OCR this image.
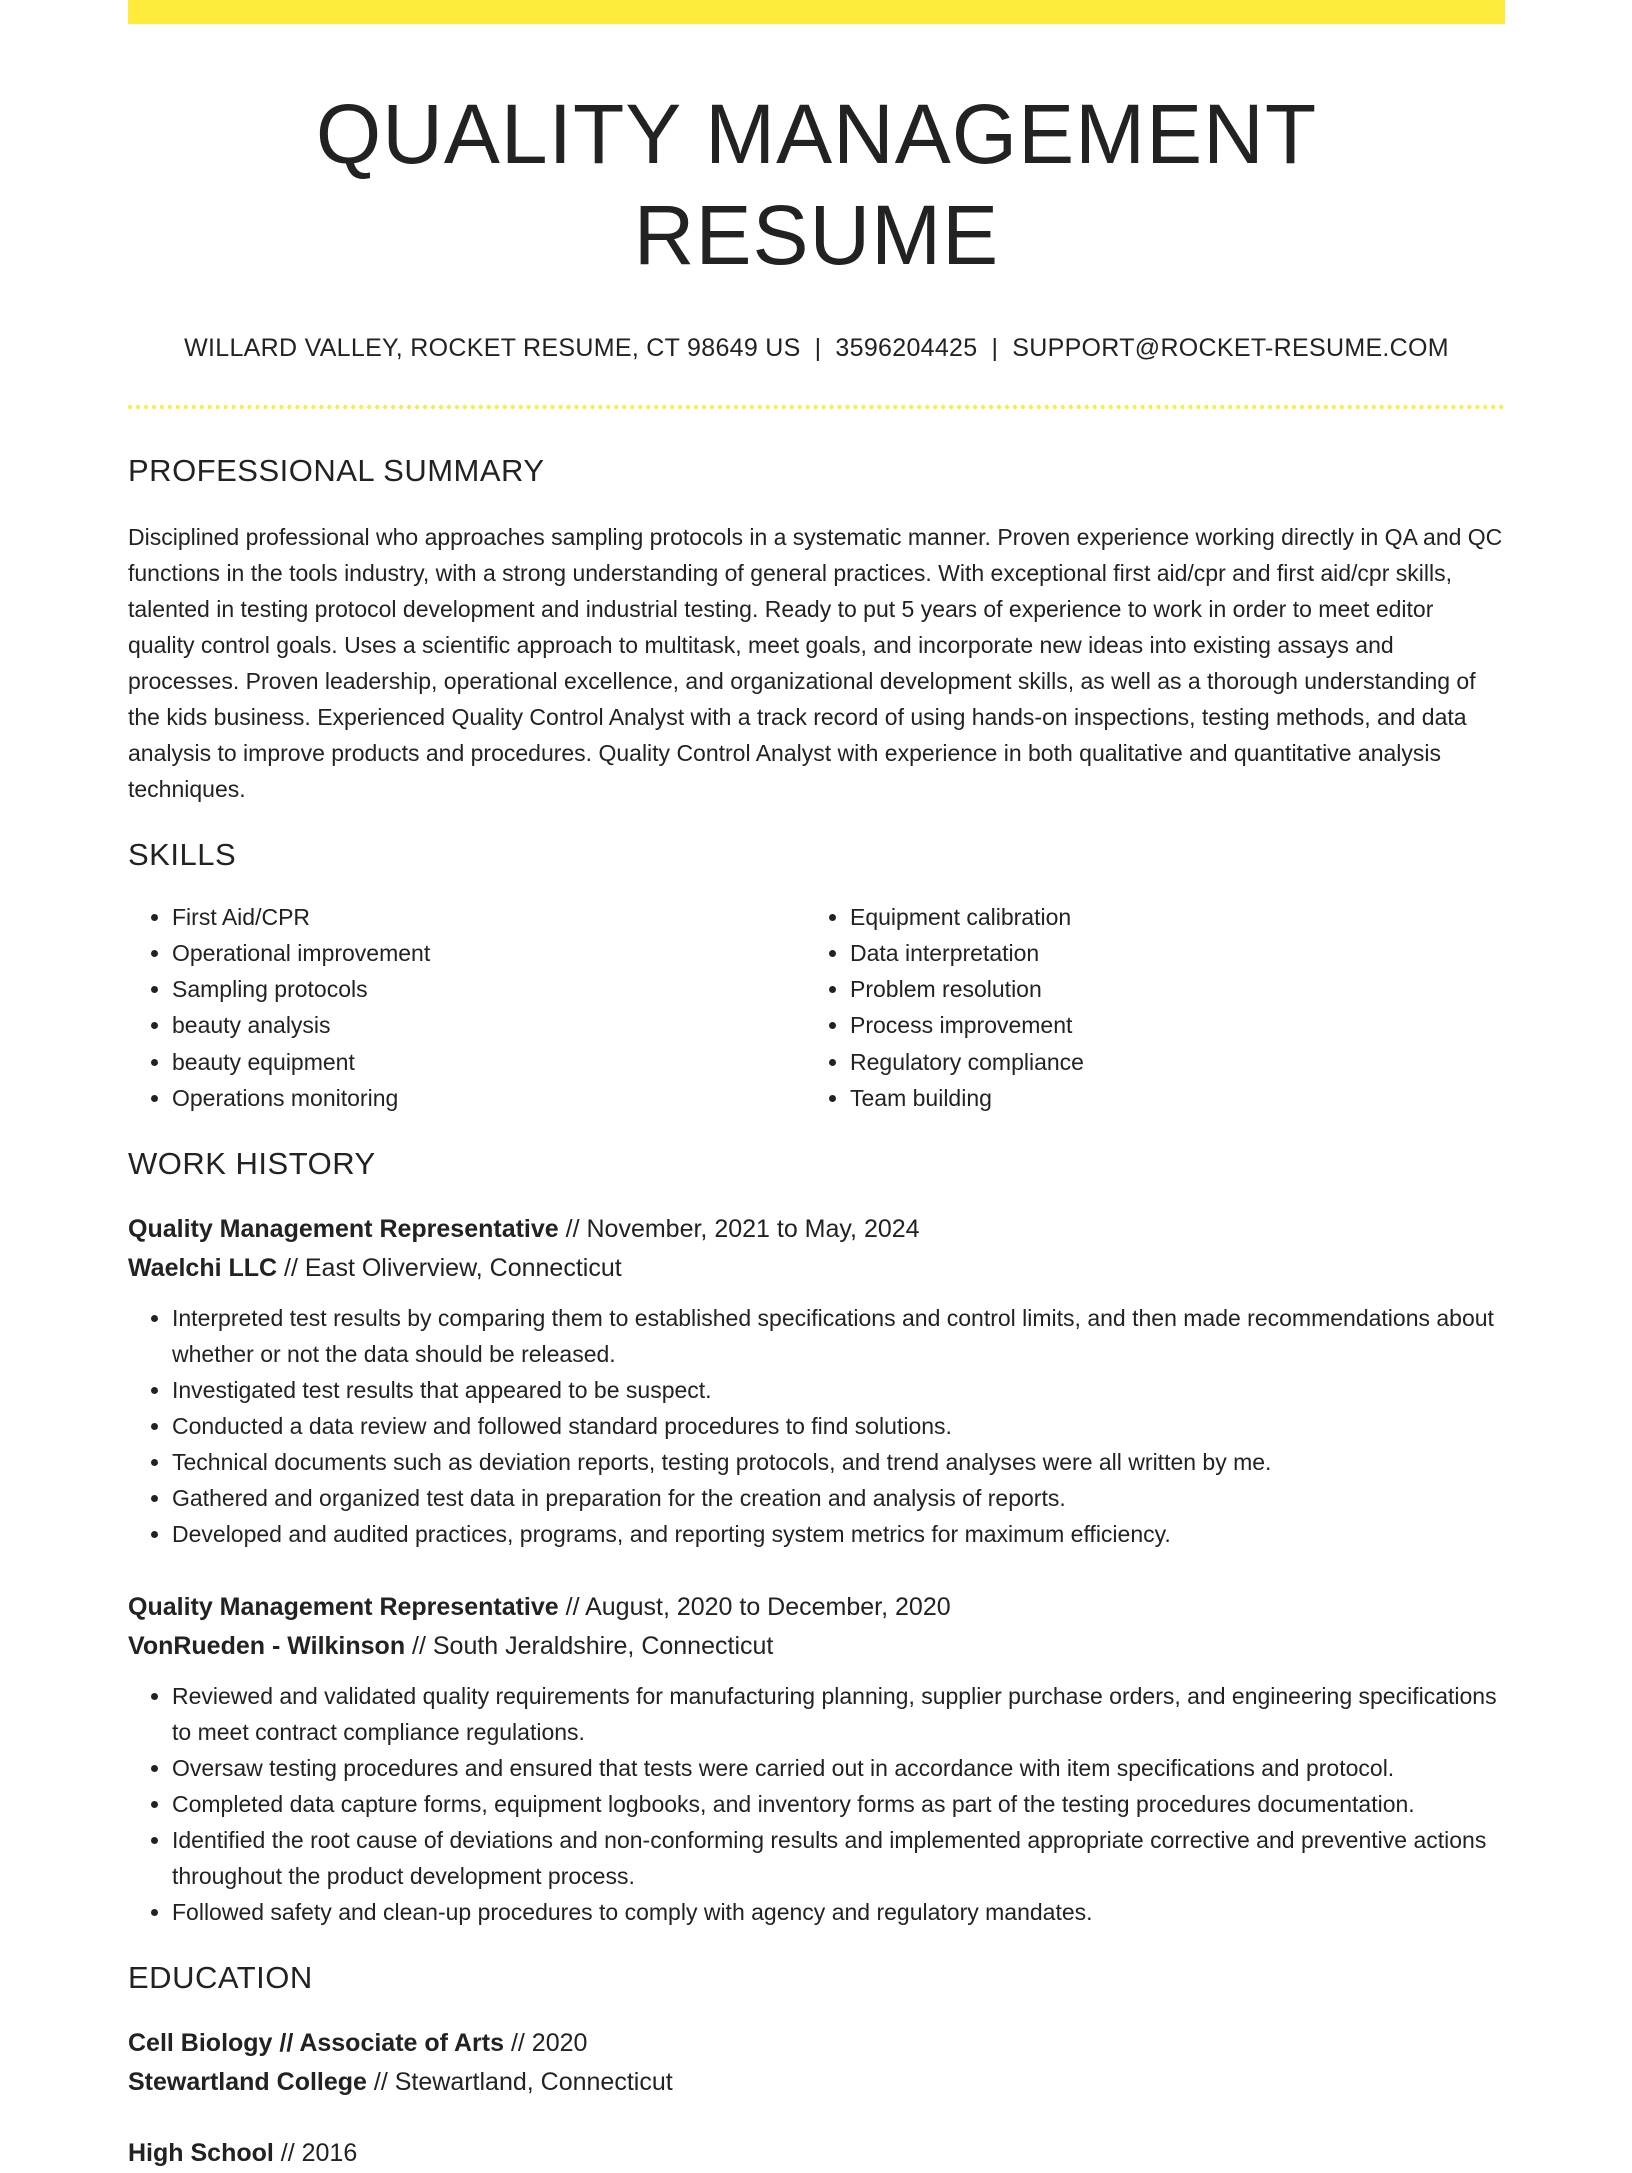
QUALITY MANAGEMENT RESUME
WILLARD VALLEY, ROCKET RESUME, CT 98649 US | 3596204425 | SUPPORT@ROCKET-RESUME.COM
PROFESSIONAL SUMMARY

Disciplined professional who approaches sampling protocols in a systematic manner. Proven experience working directly in QA and QC functions in the tools industry, with a strong understanding of general practices. With exceptional first aid/cpr and first aid/cpr skills, talented in testing protocol development and industrial testing. Ready to put 5 years of experience to work in order to meet editor quality control goals. Uses a scientific approach to multitask, meet goals, and incorporate new ideas into existing assays and processes. Proven leadership, operational excellence, and organizational development skills, as well as a thorough understanding of the kids business. Experienced Quality Control Analyst with a track record of using hands-on inspections, testing methods, and data analysis to improve products and procedures. Quality Control Analyst with experience in both qualitative and quantitative analysis techniques.

SKILLS
• First Aid/CPR
• Operational improvement
• Sampling protocols
• beauty analysis
• beauty equipment
• Operations monitoring
• Equipment calibration
• Data interpretation
• Problem resolution
• Process improvement
• Regulatory compliance
• Team building
WORK HISTORY

Quality Management Representative // November, 2021 to May, 2024

Waelchi LLC // East Oliverview, Connecticut

• Interpreted test results by comparing them to established specifications and control limits, and then made recommendations about whether or not the data should be released.
• Investigated test results that appeared to be suspect.
• Conducted a data review and followed standard procedures to find solutions.
• Technical documents such as deviation reports, testing protocols, and trend analyses were all written by me.
• Gathered and organized test data in preparation for the creation and analysis of reports.
• Developed and audited practices, programs, and reporting system metrics for maximum efficiency.

Quality Management Representative // August, 2020 to December, 2020

VonRueden - Wilkinson // South Jeraldshire, Connecticut

• Reviewed and validated quality requirements for manufacturing planning, supplier purchase orders, and engineering specifications to meet contract compliance regulations.
• Oversaw testing procedures and ensured that tests were carried out in accordance with item specifications and protocol.
• Completed data capture forms, equipment logbooks, and inventory forms as part of the testing procedures documentation.
• Identified the root cause of deviations and non-conforming results and implemented appropriate corrective and preventive actions throughout the product development process.
• Followed safety and clean-up procedures to comply with agency and regulatory mandates.
EDUCATION

Cell Biology // Associate of Arts // 2020

Stewartland College // Stewartland, Connecticut

High School // 2016
